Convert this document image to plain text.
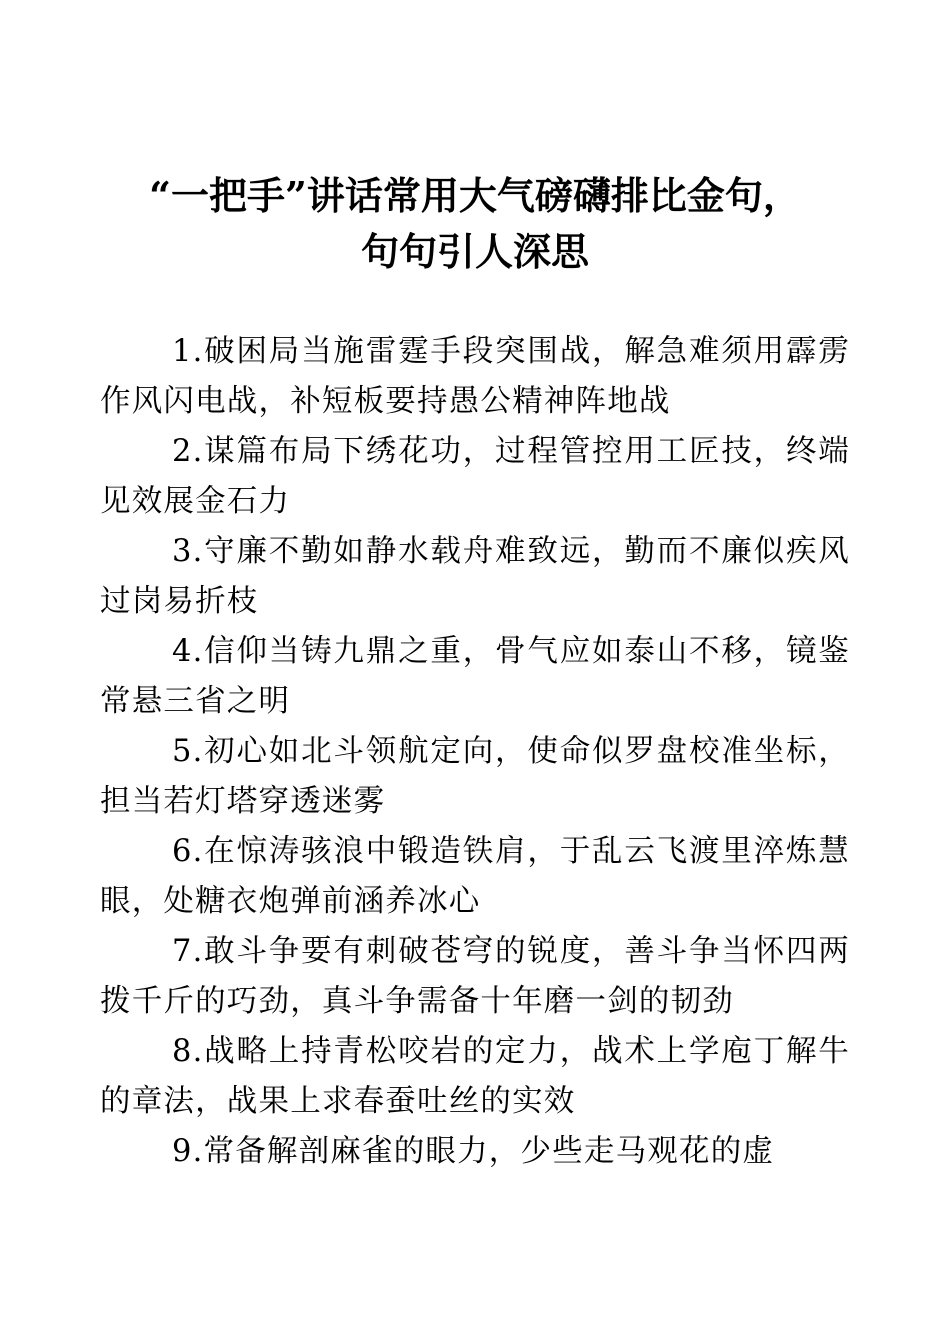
“一把手”讲话常用大气磅礴排比金句，
句句引人深思

1.破困局当施雷霆手段突围战，解急难须用霹雳作风闪电战，补短板要持愚公精神阵地战

2.谋篇布局下绣花功，过程管控用工匠技，终端见效展金石力

3.守廉不勤如静水载舟难致远，勤而不廉似疾风过岗易折枝

4.信仰当铸九鼎之重，骨气应如泰山不移，镜鉴常悬三省之明

5.初心如北斗领航定向，使命似罗盘校准坐标，担当若灯塔穿透迷雾

6.在惊涛骇浪中锻造铁肩，于乱云飞渡里淬炼慧眼，处糖衣炮弹前涵养冰心

7.敢斗争要有刺破苍穹的锐度，善斗争当怀四两拨千斤的巧劲，真斗争需备十年磨一剑的韧劲

8.战略上持青松咬岩的定力，战术上学庖丁解牛的章法，战果上求春蚕吐丝的实效

9.常备解剖麻雀的眼力，少些走马观花的虚
